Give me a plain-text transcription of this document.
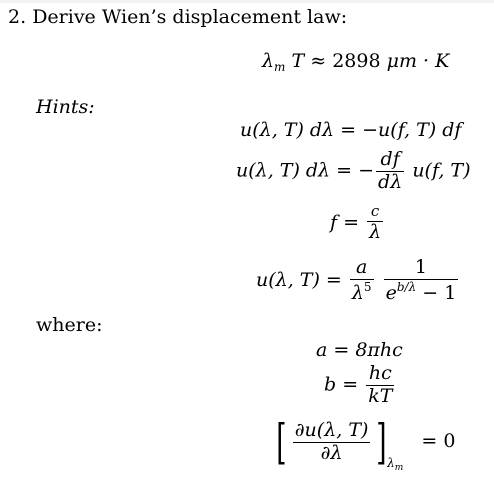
2. Derive Wien’s displacement law:
$\lambda_m$ T ≈ 2898 μm · K
Hints:
u(λ, T) dλ = −u(f, T) df
u(λ, T) dλ = − $\frac{df}{d\lambda} u(f$, T)
$f = \frac{c}{\lambda}$
u(λ, $T) = \frac{a}{\lambda^5}$
$\frac{1}{e^{b/\lambda} - 1}$
where:
a = 8πhc
$b = \frac{hc}{kT}$
[ $\frac{\partial u(\lambda, T)}{\partial\lambda} ]_{\lambda_m} = 0$
